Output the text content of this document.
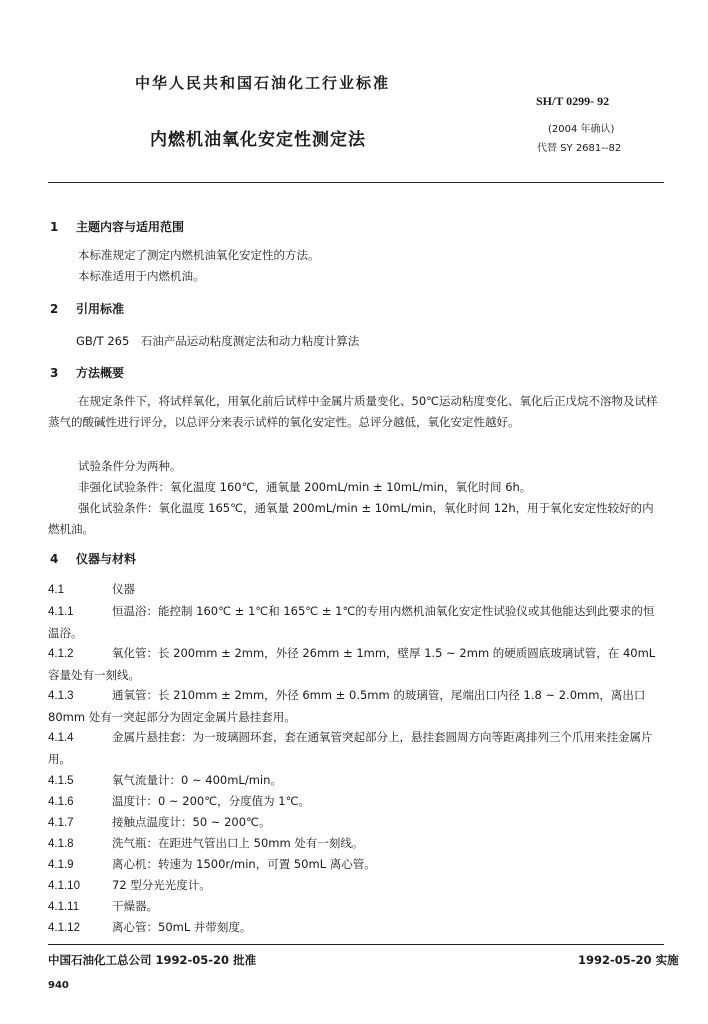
中华人民共和国石油化工行业标准
SH/T 0299- 92
内燃机油氧化安定性测定法
(2004 年确认)
代替 SY 2681--82
1 主题内容与适用范围
本标准规定了测定内燃机油氧化安定性的方法。
本标准适用于内燃机油。
2 引用标准
GB/T 265　石油产品运动粘度测定法和动力粘度计算法
3 方法概要
在规定条件下，将试样氧化，用氧化前后试样中金属片质量变化、50℃运动粘度变化、氧化后正戊烷不溶物及试样蒸气的酸碱性进行评分，以总评分来表示试样的氧化安定性。总评分越低，氧化安定性越好。
试验条件分为两种。
非强化试验条件：氧化温度 160℃，通氧量 200mL/min ± 10mL/min，氧化时间 6h。
强化试验条件：氧化温度 165℃，通氧量 200mL/min ± 10mL/min，氧化时间 12h，用于氧化安定性较好的内燃机油。
4 仪器与材料
4.1	仪器
4.1.1	恒温浴：能控制 160℃ ± 1℃和 165℃ ± 1℃的专用内燃机油氧化安定性试验仪或其他能达到此要求的恒温浴。
4.1.2	氧化管：长 200mm ± 2mm，外径 26mm ± 1mm，壁厚 1.5 ~ 2mm 的硬质圆底玻璃试管，在 40mL 容量处有一刻线。
4.1.3	通氧管：长 210mm ± 2mm，外径 6mm ± 0.5mm 的玻璃管，尾端出口内径 1.8 ~ 2.0mm，离出口 80mm 处有一突起部分为固定金属片悬挂套用。
4.1.4	金属片悬挂套：为一玻璃圆环套，套在通氧管突起部分上，悬挂套圆周方向等距离排列三个爪用来挂金属片用。
4.1.5	氧气流量计：0 ~ 400mL/min。
4.1.6	温度计：0 ~ 200℃，分度值为 1℃。
4.1.7	接触点温度计：50 ~ 200℃。
4.1.8	洗气瓶：在距进气管出口上 50mm 处有一刻线。
4.1.9	离心机：转速为 1500r/min，可置 50mL 离心管。
4.1.10	72 型分光光度计。
4.1.11	干燥器。
4.1.12	离心管：50mL 并带刻度。
中国石油化工总公司 1992-05-20 批准	1992-05-20 实施
940
